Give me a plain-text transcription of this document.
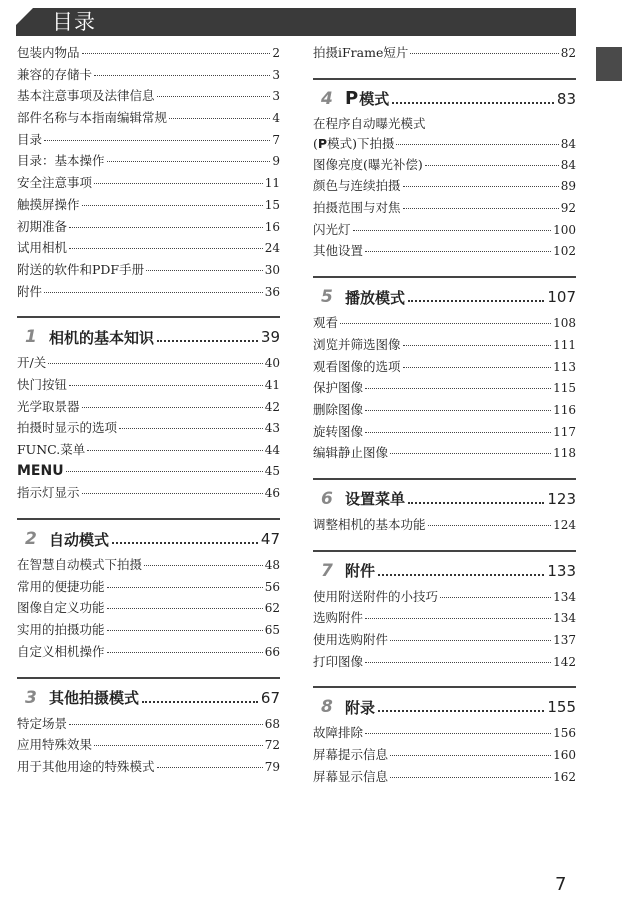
目录
包装内物品	2
兼容的存储卡	3
基本注意事项及法律信息	3
部件名称与本指南编辑常规	4
目录	7
目录：基本操作	9
安全注意事项	11
触摸屏操作	15
初期准备	16
试用相机	24
附送的软件和PDF手册	30
附件	36
1 相机的基本知识	39
开/关	40
快门按钮	41
光学取景器	42
拍摄时显示的选项	43
FUNC.菜单	44
MENU	45
指示灯显示	46
2 自动模式	47
在智慧自动模式下拍摄	48
常用的便捷功能	56
图像自定义功能	62
实用的拍摄功能	65
自定义相机操作	66
3 其他拍摄模式	67
特定场景	68
应用特殊效果	72
用于其他用途的特殊模式	79
拍摄iFrame短片	82
4 P模式	83
在程序自动曝光模式
(P模式)下拍摄	84
图像亮度(曝光补偿)	84
颜色与连续拍摄	89
拍摄范围与对焦	92
闪光灯	100
其他设置	102
5 播放模式	107
观看	108
浏览并筛选图像	111
观看图像的选项	113
保护图像	115
删除图像	116
旋转图像	117
编辑静止图像	118
6 设置菜单	123
调整相机的基本功能	124
7 附件	133
使用附送附件的小技巧	134
选购附件	134
使用选购附件	137
打印图像	142
8 附录	155
故障排除	156
屏幕提示信息	160
屏幕显示信息	162
7
